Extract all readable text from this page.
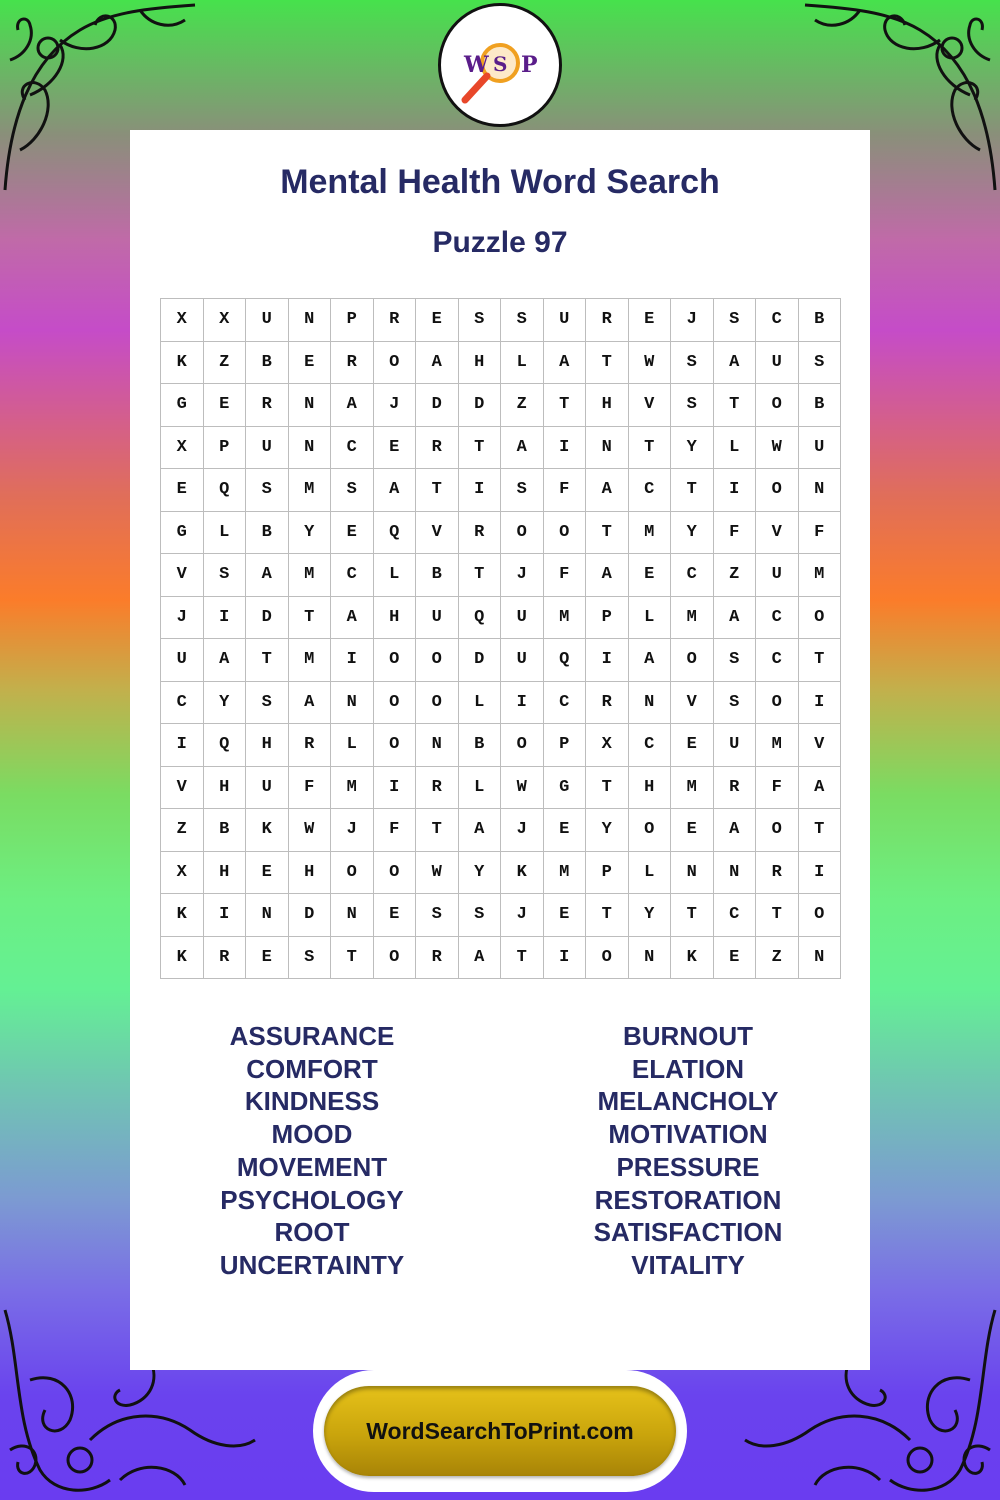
W S P
Mental Health Word Search
Puzzle 97
X	X	U	N	P	R	E	S	S	U	R	E	J	S	C	B
K	Z	B	E	R	O	A	H	L	A	T	W	S	A	U	S
G	E	R	N	A	J	D	D	Z	T	H	V	S	T	O	B
X	P	U	N	C	E	R	T	A	I	N	T	Y	L	W	U
E	Q	S	M	S	A	T	I	S	F	A	C	T	I	O	N
G	L	B	Y	E	Q	V	R	O	O	T	M	Y	F	V	F
V	S	A	M	C	L	B	T	J	F	A	E	C	Z	U	M
J	I	D	T	A	H	U	Q	U	M	P	L	M	A	C	O
U	A	T	M	I	O	O	D	U	Q	I	A	O	S	C	T
C	Y	S	A	N	O	O	L	I	C	R	N	V	S	O	I
I	Q	H	R	L	O	N	B	O	P	X	C	E	U	M	V
V	H	U	F	M	I	R	L	W	G	T	H	M	R	F	A
Z	B	K	W	J	F	T	A	J	E	Y	O	E	A	O	T
X	H	E	H	O	O	W	Y	K	M	P	L	N	N	R	I
K	I	N	D	N	E	S	S	J	E	T	Y	T	C	T	O
K	R	E	S	T	O	R	A	T	I	O	N	K	E	Z	N
ASSURANCE
COMFORT
KINDNESS
MOOD
MOVEMENT
PSYCHOLOGY
ROOT
UNCERTAINTY
BURNOUT
ELATION
MELANCHOLY
MOTIVATION
PRESSURE
RESTORATION
SATISFACTION
VITALITY
WordSearchToPrint.com
